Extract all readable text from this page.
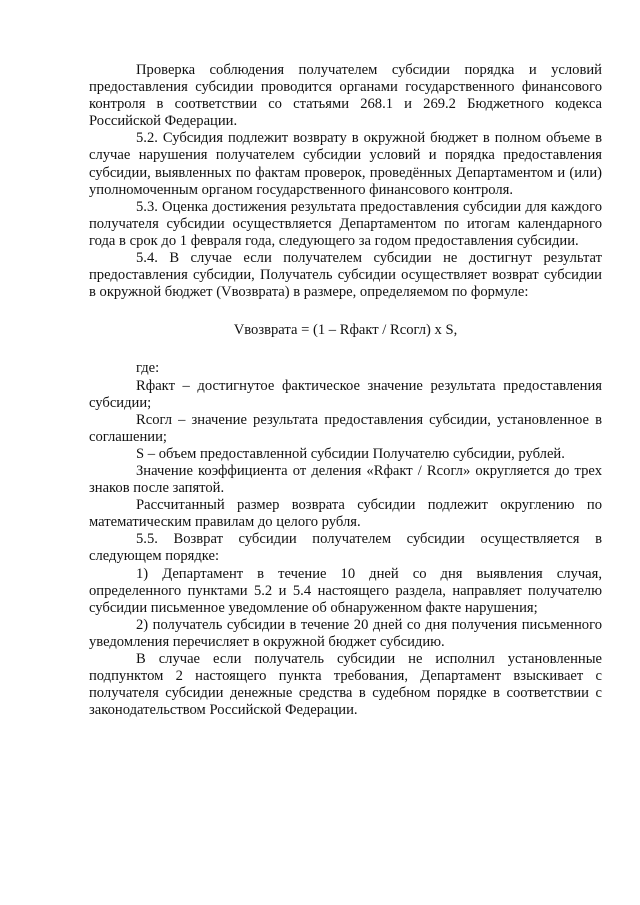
Проверка соблюдения получателем субсидии порядка и условий предоставления субсидии проводится органами государственного финансового контроля в соответствии со статьями 268.1 и 269.2 Бюджетного кодекса Российской Федерации.

5.2. Субсидия подлежит возврату в окружной бюджет в полном объеме в случае нарушения получателем субсидии условий и порядка предоставления субсидии, выявленных по фактам проверок, проведённых Департаментом и (или) уполномоченным органом государственного финансового контроля.

5.3. Оценка достижения результата предоставления субсидии для каждого получателя субсидии осуществляется Департаментом по итогам календарного года в срок до 1 февраля года, следующего за годом предоставления субсидии.

5.4. В случае если получателем субсидии не достигнут результат предоставления субсидии, Получатель субсидии осуществляет возврат субсидии в окружной бюджет (Vвозврата) в размере, определяемом по формуле:

Vвозврата = (1 – Rфакт / Rсогл) x S,

где:

Rфакт – достигнутое фактическое значение результата предоставления субсидии;

Rсогл – значение результата предоставления субсидии, установленное в соглашении;

S – объем предоставленной субсидии Получателю субсидии, рублей.

Значение коэффициента от деления «Rфакт / Rсогл» округляется до трех знаков после запятой.

Рассчитанный размер возврата субсидии подлежит округлению по математическим правилам до целого рубля.

5.5. Возврат субсидии получателем субсидии осуществляется в следующем порядке:

1) Департамент в течение 10 дней со дня выявления случая, определенного пунктами 5.2 и 5.4 настоящего раздела, направляет получателю субсидии письменное уведомление об обнаруженном факте нарушения;

2) получатель субсидии в течение 20 дней со дня получения письменного уведомления перечисляет в окружной бюджет субсидию.

В случае если получатель субсидии не исполнил установленные подпунктом 2 настоящего пункта требования, Департамент взыскивает с получателя субсидии денежные средства в судебном порядке в соответствии с законодательством Российской Федерации.
